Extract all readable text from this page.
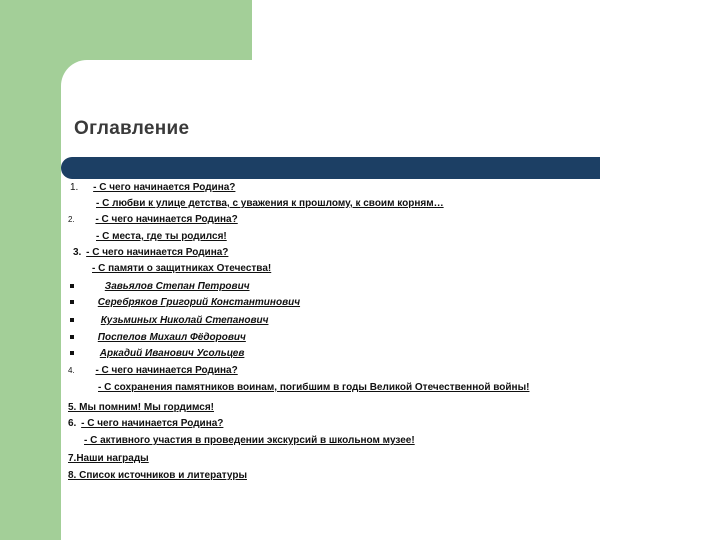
Оглавление
1. - С чего начинается Родина?
- С любви к улице детства, с уважения к прошлому, к своим корням…
2. - С чего начинается Родина?
- С места, где ты родился!
3. - С чего начинается Родина?
- С памяти о защитниках Отечества!
Завьялов Степан Петрович
Серебряков Григорий Константинович
Кузьминых Николай Степанович
Поспелов Михаил Фёдорович
Аркадий Иванович Усольцев
4. - С чего начинается Родина?
- С сохранения памятников воинам, погибшим в годы Великой Отечественной войны!
5. Мы помним! Мы гордимся!
6. - С чего начинается Родина?
- С активного участия в проведении экскурсий в школьном музее!
7.Наши награды
8. Список источников и литературы
